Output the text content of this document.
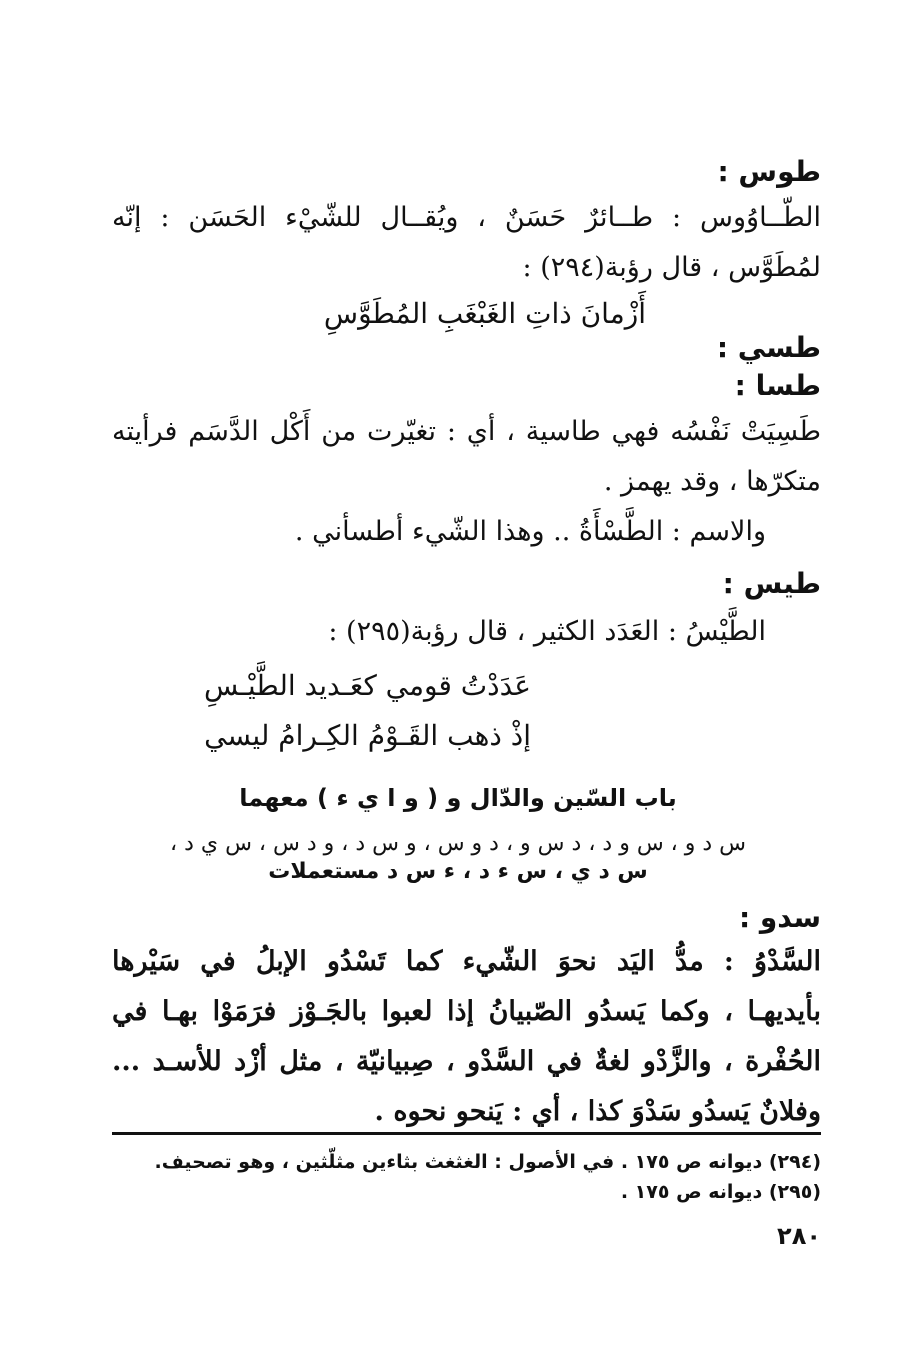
طوس :
الطّــاوُوس : طــائرٌ حَسَنٌ ، ويُقــال للشّيْء الحَسَن : إنّه
لمُطَوَّس ، قال رؤبة(٢٩٤) :
أَزْمانَ ذاتِ الغَبْغَبِ المُطَوَّسِ
طسي :
طسا :
طَسِيَتْ نَفْسُه فهي طاسية ، أي : تغيّرت من أَكْل الدَّسَم فرأيته
متكرّها ، وقد يهمز .
والاسم : الطَّسْأَةُ .. وهذا الشّيء أطسأني .
طيس :
الطَّيْسُ : العَدَد الكثير ، قال رؤبة(٢٩٥) :
عَدَدْتُ قومي كعَـديد الطَّيْـسِ
إذْ ذهب القَـوْمُ الكِـرامُ ليسي
باب السّين والدّال و ( و ا ي ء ) معهما
س د و ، س و د ، د س و ، د و س ، و س د ، و د س ، س ي د ،
س د ي ، س ء د ، ء س د مستعملات
سدو :
السَّدْوُ : مدُّ اليَد نحوَ الشّيء كما تَسْدُو الإبلُ في سَيْرها
بأيديهـا ، وكما يَسدُو الصّبيانُ إذا لعبوا بالجَـوْز فرَمَوْا بهـا في
الحُفْرة ، والزَّدْو لغةٌ في السَّدْو ، صِبيانيّة ، مثل أزْد للأسـد ...
وفلانٌ يَسدُو سَدْوَ كذا ، أي : يَنحو نحوه .
(٢٩٤) ديوانه ص ١٧٥ . في الأصول : الغثغث بثاءين مثلّثين ، وهو تصحيف.
(٢٩٥) ديوانه ص ١٧٥ .
٢٨٠
